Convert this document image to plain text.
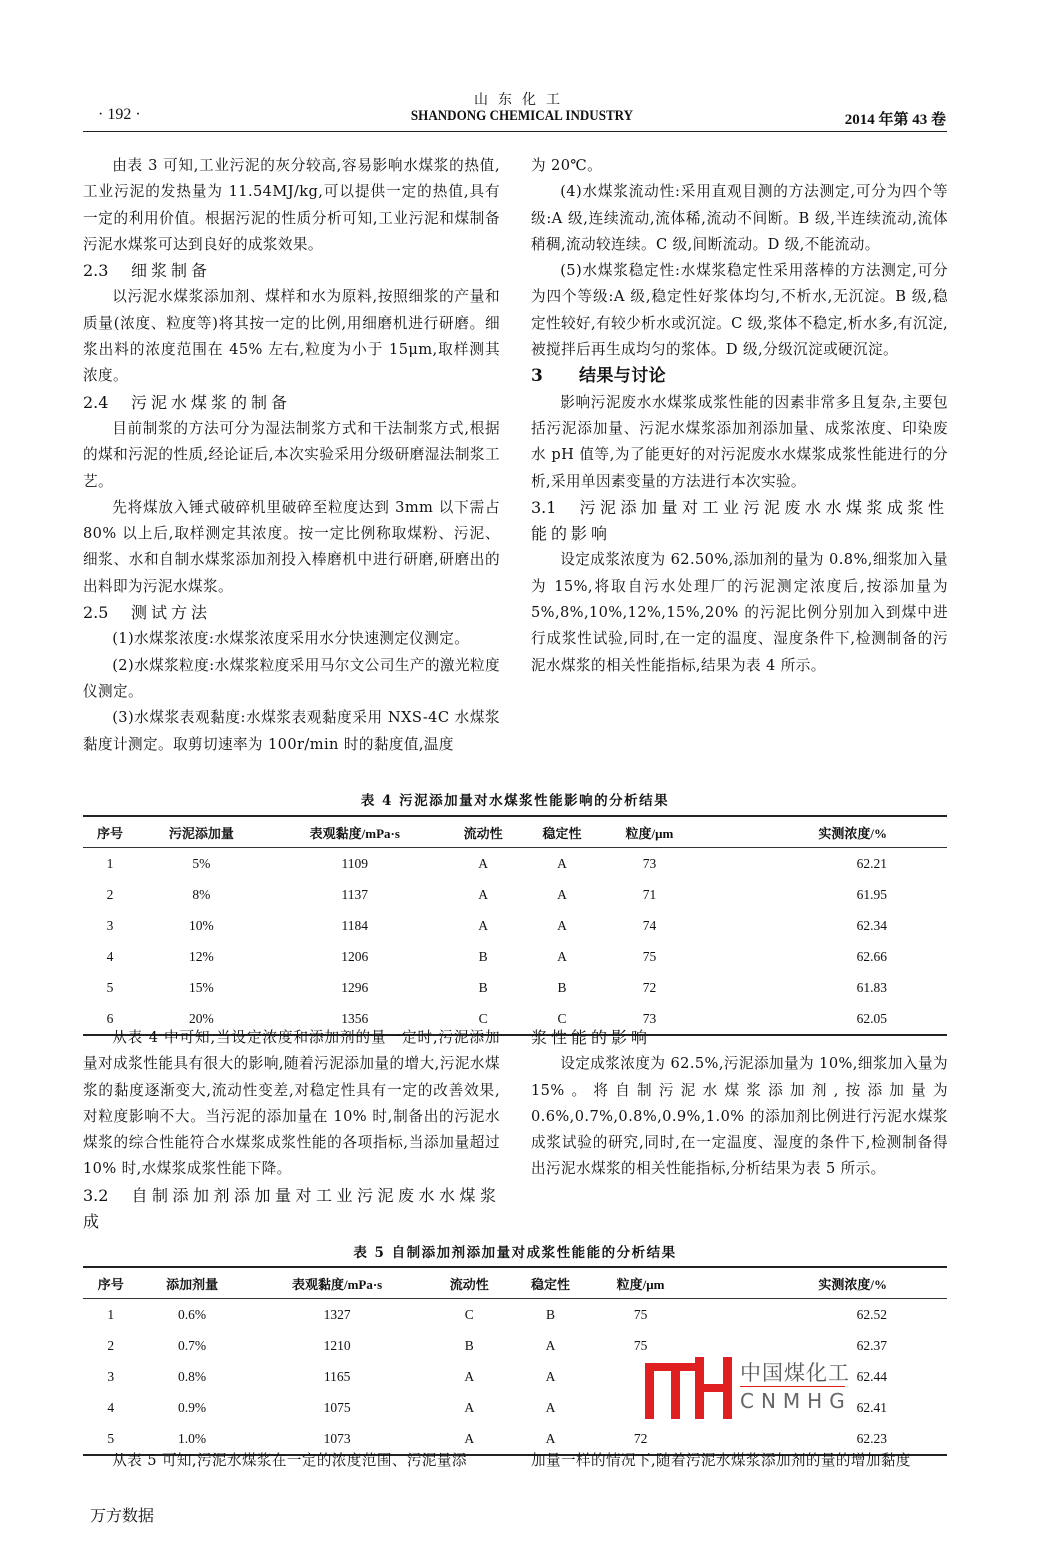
· 192 ·
山东化工
SHANDONG CHEMICAL INDUSTRY	2014 年第 43 卷

由表 3 可知,工业污泥的灰分较高,容易影响水煤浆的热值,工业污泥的发热量为 11.54MJ/kg,可以提供一定的热值,具有一定的利用价值。根据污泥的性质分析可知,工业污泥和煤制备污泥水煤浆可达到良好的成浆效果。

2.3 细浆制备

以污泥水煤浆添加剂、煤样和水为原料,按照细浆的产量和质量(浓度、粒度等)将其按一定的比例,用细磨机进行研磨。细浆出料的浓度范围在 45% 左右,粒度为小于 15μm,取样测其浓度。

2.4 污泥水煤浆的制备

目前制浆的方法可分为湿法制浆方式和干法制浆方式,根据的煤和污泥的性质,经论证后,本次实验采用分级研磨湿法制浆工艺。

先将煤放入锤式破碎机里破碎至粒度达到 3mm 以下需占 80% 以上后,取样测定其浓度。按一定比例称取煤粉、污泥、细浆、水和自制水煤浆添加剂投入棒磨机中进行研磨,研磨出的出料即为污泥水煤浆。

2.5 测试方法

(1)水煤浆浓度:水煤浆浓度采用水分快速测定仪测定。

(2)水煤浆粒度:水煤浆粒度采用马尔文公司生产的激光粒度仪测定。

(3)水煤浆表观黏度:水煤浆表观黏度采用 NXS-4C 水煤浆黏度计测定。取剪切速率为 100r/min 时的黏度值,温度

为 20℃。

(4)水煤浆流动性:采用直观目测的方法测定,可分为四个等级:A 级,连续流动,流体稀,流动不间断。B 级,半连续流动,流体稍稠,流动较连续。C 级,间断流动。D 级,不能流动。

(5)水煤浆稳定性:水煤浆稳定性采用落棒的方法测定,可分为四个等级:A 级,稳定性好浆体均匀,不析水,无沉淀。B 级,稳定性较好,有较少析水或沉淀。C 级,浆体不稳定,析水多,有沉淀,被搅拌后再生成均匀的浆体。D 级,分级沉淀或硬沉淀。

3 结果与讨论

影响污泥废水水煤浆成浆性能的因素非常多且复杂,主要包括污泥添加量、污泥水煤浆添加剂添加量、成浆浓度、印染废水 pH 值等,为了能更好的对污泥废水水煤浆成浆性能进行的分析,采用单因素变量的方法进行本次实验。

3.1 污泥添加量对工业污泥废水水煤浆成浆性能的影响

设定成浆浓度为 62.50%,添加剂的量为 0.8%,细浆加入量为 15%,将取自污水处理厂的污泥测定浓度后,按添加量为 5%,8%,10%,12%,15%,20% 的污泥比例分别加入到煤中进行成浆性试验,同时,在一定的温度、湿度条件下,检测制备的污泥水煤浆的相关性能指标,结果为表 4 所示。

表 4 污泥添加量对水煤浆性能影响的分析结果
序号	污泥添加量	表观黏度/mPa·s	流动性	稳定性	粒度/μm	实测浓度/%
1	5%	1109	A	A	73	62.21
2	8%	1137	A	A	71	61.95
3	10%	1184	A	A	74	62.34
4	12%	1206	B	A	75	62.66
5	15%	1296	B	B	72	61.83
6	20%	1356	C	C	73	62.05

从表 4 中可知,当设定浓度和添加剂的量一定时,污泥添加量对成浆性能具有很大的影响,随着污泥添加量的增大,污泥水煤浆的黏度逐渐变大,流动性变差,对稳定性具有一定的改善效果,对粒度影响不大。当污泥的添加量在 10% 时,制备出的污泥水煤浆的综合性能符合水煤浆成浆性能的各项指标,当添加量超过 10% 时,水煤浆成浆性能下降。

3.2 自制添加剂添加量对工业污泥废水水煤浆成
浆性能的影响

设定成浆浓度为 62.5%,污泥添加量为 10%,细浆加入量为 15%。将自制污泥水煤浆添加剂,按添加量为 0.6%,0.7%,0.8%,0.9%,1.0% 的添加剂比例进行污泥水煤浆成浆试验的研究,同时,在一定温度、湿度的条件下,检测制备得出污泥水煤浆的相关性能指标,分析结果为表 5 所示。

表 5 自制添加剂添加量对成浆性能能的分析结果
序号	添加剂量	表观黏度/mPa·s	流动性	稳定性	粒度/μm	实测浓度/%
1	0.6%	1327	C	B	75	62.52
2	0.7%	1210	B	A	75	62.37
3	0.8%	1165	A	A		62.44
4	0.9%	1075	A	A		62.41
5	1.0%	1073	A	A	72	62.23
中国煤化工
CNMHG

从表 5 可知,污泥水煤浆在一定的浓度范围、污泥量添	加量一样的情况下,随着污泥水煤浆添加剂的量的增加黏度

万方数据
